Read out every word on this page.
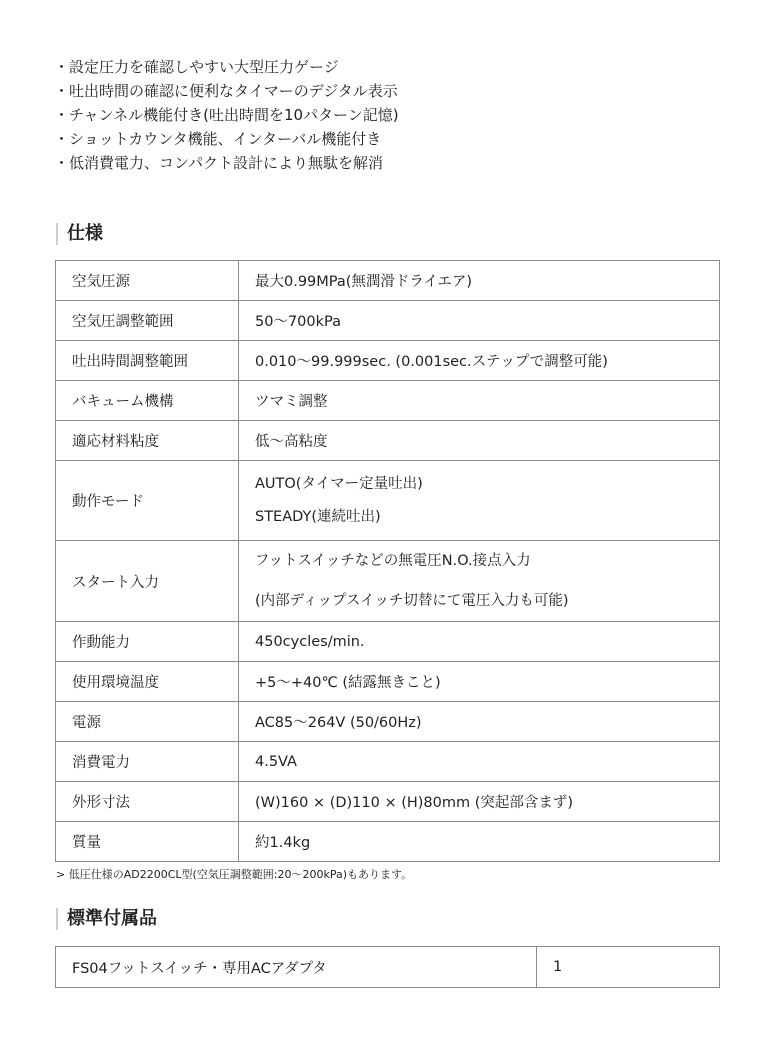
・設定圧力を確認しやすい大型圧力ゲージ
・吐出時間の確認に便利なタイマーのデジタル表示
・チャンネル機能付き(吐出時間を10パターン記憶)
・ショットカウンタ機能、インターバル機能付き
・低消費電力、コンパクト設計により無駄を解消
仕様
空気圧源	最大0.99MPa(無潤滑ドライエア)
空気圧調整範囲	50〜700kPa
吐出時間調整範囲	0.010〜99.999sec. (0.001sec.ステップで調整可能)
バキューム機構	ツマミ調整
適応材料粘度	低〜高粘度
動作モード	AUTO(タイマー定量吐出)
STEADY(連続吐出)

スタート入力	フットスイッチなどの無電圧N.O.接点入力
(内部ディップスイッチ切替にて電圧入力も可能)

作動能力	450cycles/min.
使用環境温度	+5〜+40℃ (結露無きこと)
電源	AC85〜264V (50/60Hz)
消費電力	4.5VA
外形寸法	(W)160 × (D)110 × (H)80mm (突起部含まず)
質量	約1.4kg
> 低圧仕様のAD2200CL型(空気圧調整範囲:20〜200kPa)もあります。
標準付属品
FS04フットスイッチ・専用ACアダプタ	1
